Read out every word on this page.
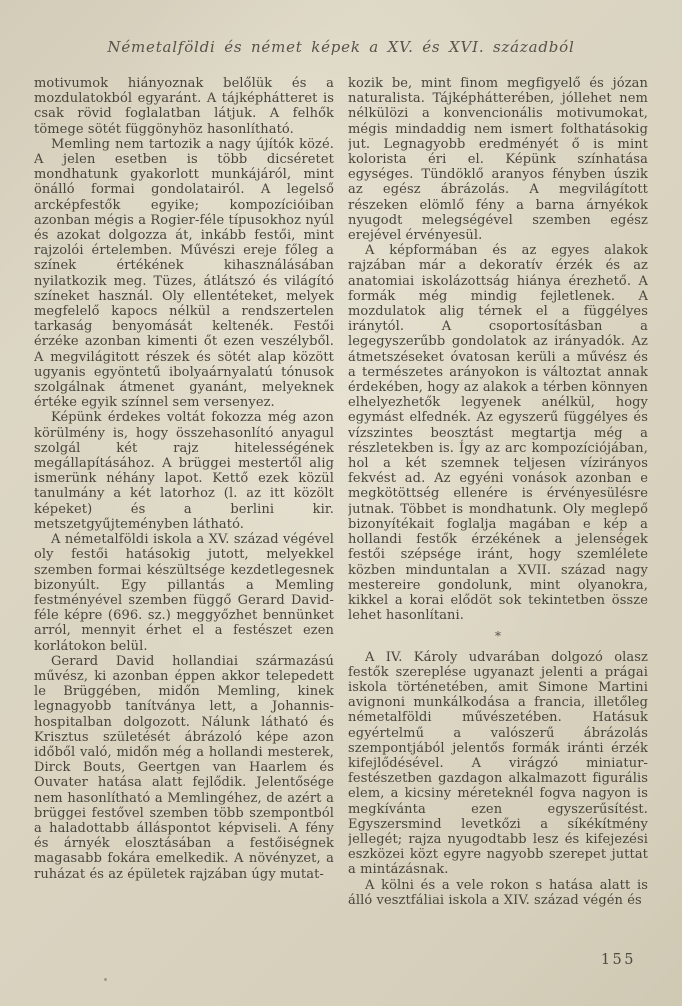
Németalföldi és német képek a XV. és XVI. századból

motivumok hiányoznak belőlük és a mozdulatokból egyaránt. A tájképhátteret is csak rövid foglalatban látjuk. A felhők tömege sötét függönyhöz hasonlítható.

Memling nem tartozik a nagy újítók közé. A jelen esetben is több dicséretet mondhatunk gyakorlott munkájáról, mint önálló formai gondolatairól. A legelső arcképfestők egyike; kompozícióiban azonban mégis a Rogier-féle típusokhoz nyúl és azokat dolgozza át, inkább festői, mint rajzolói értelemben. Művészi ereje főleg a színek értékének kihasználásában nyilatkozik meg. Tüzes, átlátszó és világító színeket használ. Oly ellentéteket, melyek megfelelő kapocs nélkül a rendszertelen tarkaság benyomását keltenék. Festői érzéke azonban kimenti őt ezen veszélyből. A megvilágitott részek és sötét alap között ugyanis egyöntetű ibolyaárnyalatú tónusok szolgálnak átmenet gyanánt, melyeknek értéke egyik színnel sem versenyez.

Képünk érdekes voltát fokozza még azon körülmény is, hogy összehasonlító anyagul szolgál két rajz hitelességének megállapításához. A brüggei mestertől alig ismerünk néhány lapot. Kettő ezek közül tanulmány a két latorhoz (l. az itt közölt képeket) és a berlini kir. metszetgyűjteményben látható.

A németalföldi iskola a XV. század végével oly festői hatásokig jutott, melyekkel szemben formai készültsége kezdetlegesnek bizonyúlt. Egy pillantás a Memling festményével szemben függő Gerard David-féle képre (696. sz.) meggyőzhet bennünket arról, mennyit érhet el a festészet ezen korlátokon belül.

Gerard David hollandiai származású művész, ki azonban éppen akkor telepedett le Brüggében, midőn Memling, kinek legnagyobb tanítványa lett, a Johannis-hospitalban dolgozott. Nálunk látható és Krisztus születését ábrázoló képe azon időből való, midőn még a hollandi mesterek, Dirck Bouts, Geertgen van Haarlem és Ouvater hatása alatt fejlődik. Jelentősége nem hasonlítható a Memlingéhez, de azért a brüggei festővel szemben több szempontból a haladottabb álláspontot képviseli. A fény és árnyék elosztásában a festőiségnek magasabb fokára emelkedik. A növényzet, a ruházat és az épületek rajzában úgy mutat-

kozik be, mint finom megfigyelő és józan naturalista. Tájképhátterében, jóllehet nem nélkülözi a konvencionális motivumokat, mégis mindaddig nem ismert folthatásokig jut. Legnagyobb eredményét ő is mint kolorista éri el. Képünk színhatása egységes. Tündöklő aranyos fényben úszik az egész ábrázolás. A megvilágított részeken elömlő fény a barna árnyékok nyugodt melegségével szemben egész erejével érvényesül.

A képformában és az egyes alakok rajzában már a dekoratív érzék és az anatomiai iskolázottság hiánya érezhető. A formák még mindig fejletlenek. A mozdulatok alig térnek el a függélyes iránytól. A csoportosításban a legegyszerűbb gondolatok az irányadók. Az átmetszéseket óvatosan kerüli a művész és a természetes arányokon is változtat annak érdekében, hogy az alakok a térben könnyen elhelyezhetők legyenek anélkül, hogy egymást elfednék. Az egyszerű függélyes és vízszintes beosztást megtartja még a részletekben is. Így az arc kompozíciójában, hol a két szemnek teljesen vízirányos fekvést ad. Az egyéni vonások azonban e megkötöttség ellenére is érvényesülésre jutnak. Többet is mondhatunk. Oly meglepő bizonyítékait foglalja magában e kép a hollandi festők érzékének a jelenségek festői szépsége iránt, hogy szemlélete közben minduntalan a XVII. század nagy mestereire gondolunk, mint olyanokra, kikkel a korai elődöt sok tekintetben össze lehet hasonlítani.

*

A IV. Károly udvarában dolgozó olasz festők szereplése ugyanazt jelenti a prágai iskola történetében, amit Simone Martini avignoni munkálkodása a francia, illetőleg németalföldi művészetében. Hatásuk egyértelmű a valószerű ábrázolás szempontjából jelentős formák iránti érzék kifejlődésével. A virágzó miniatur-festészetben gazdagon alkalmazott figurális elem, a kicsiny méreteknél fogva nagyon is megkívánta ezen egyszerűsítést. Egyszersmind levetkőzi a síkékítmény jellegét; rajza nyugodtabb lesz és kifejezési eszközei közt egyre nagyobb szerepet juttat a mintázásnak.

A kölni és a vele rokon s hatása alatt is álló vesztfáliai iskola a XIV. század végén és

155
